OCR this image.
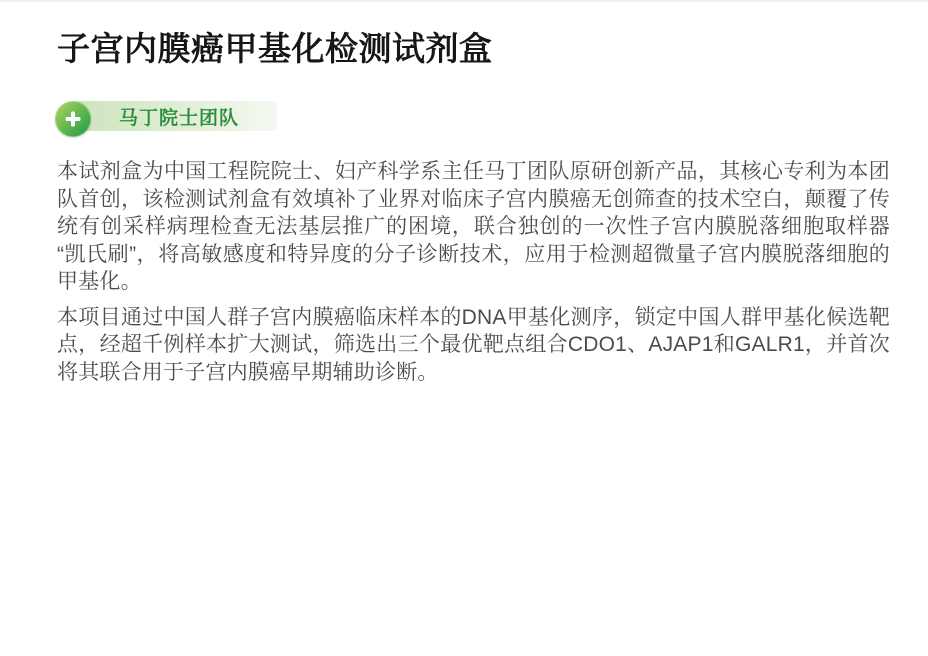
子宫内膜癌甲基化检测试剂盒
马丁院士团队

本试剂盒为中国工程院院士、妇产科学系主任马丁团队原研创新产品，其核心专利为本团队首创，该检测试剂盒有效填补了业界对临床子宫内膜癌无创筛查的技术空白，颠覆了传统有创采样病理检查无法基层推广的困境，联合独创的一次性子宫内膜脱落细胞取样器“凯氏刷”，将高敏感度和特异度的分子诊断技术，应用于检测超微量子宫内膜脱落细胞的甲基化。

本项目通过中国人群子宫内膜癌临床样本的DNA甲基化测序，锁定中国人群甲基化候选靶点，经超千例样本扩大测试，筛选出三个最优靶点组合CDO1、AJAP1和GALR1，并首次将其联合用于子宫内膜癌早期辅助诊断。
